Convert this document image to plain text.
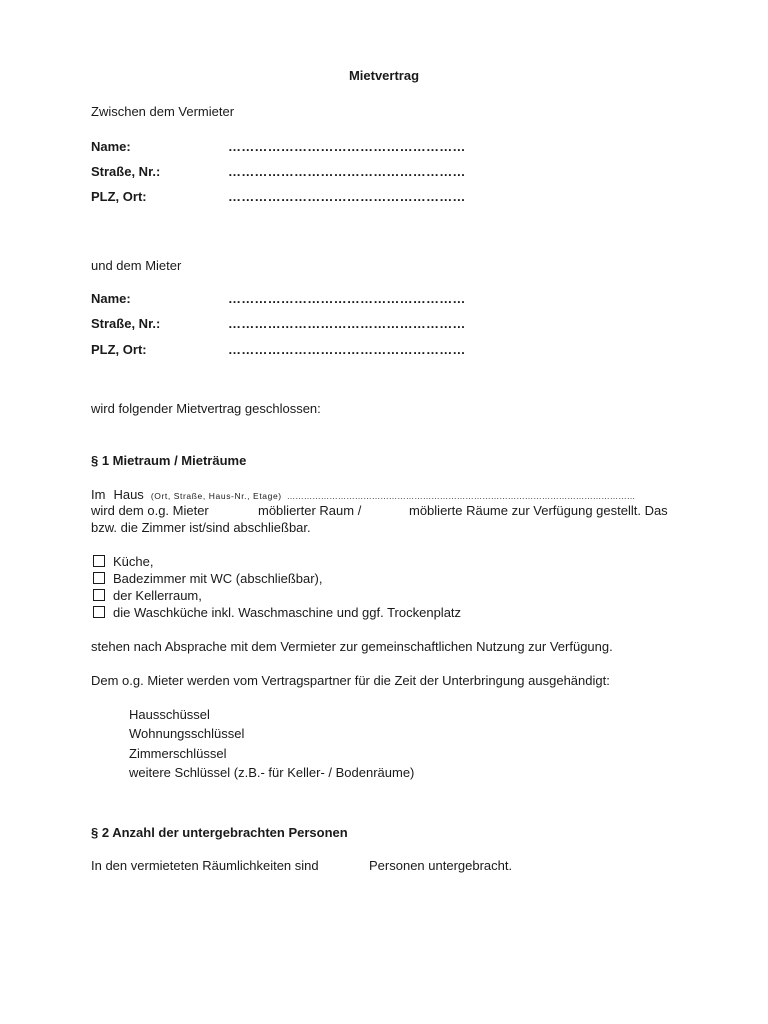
Mietvertrag
Zwischen dem Vermieter
Name:	………………………………………………
Straße, Nr.:	………………………………………………
PLZ, Ort:	………………………………………………
und dem Mieter
Name:	………………………………………………
Straße, Nr.:	………………………………………………
PLZ, Ort:	………………………………………………
wird folgender Mietvertrag geschlossen:
§ 1 Mietraum / Mieträume
Im Haus (Ort, Straße, Haus-Nr., Etage) ……………………………………………………………………………………………………………
wird dem o.g. Mieter	möblierter Raum /	möblierte Räume zur Verfügung gestellt. Das
bzw. die Zimmer ist/sind abschließbar.
Küche,
Badezimmer mit WC (abschließbar),
der Kellerraum,
die Waschküche inkl. Waschmaschine und ggf. Trockenplatz
stehen nach Absprache mit dem Vermieter zur gemeinschaftlichen Nutzung zur Verfügung.
Dem o.g. Mieter werden vom Vertragspartner für die Zeit der Unterbringung ausgehändigt:
Hausschüssel
Wohnungsschlüssel
Zimmerschlüssel
weitere Schlüssel (z.B.- für Keller- / Bodenräume)
§ 2 Anzahl der untergebrachten Personen
In den vermieteten Räumlichkeiten sind	Personen untergebracht.
